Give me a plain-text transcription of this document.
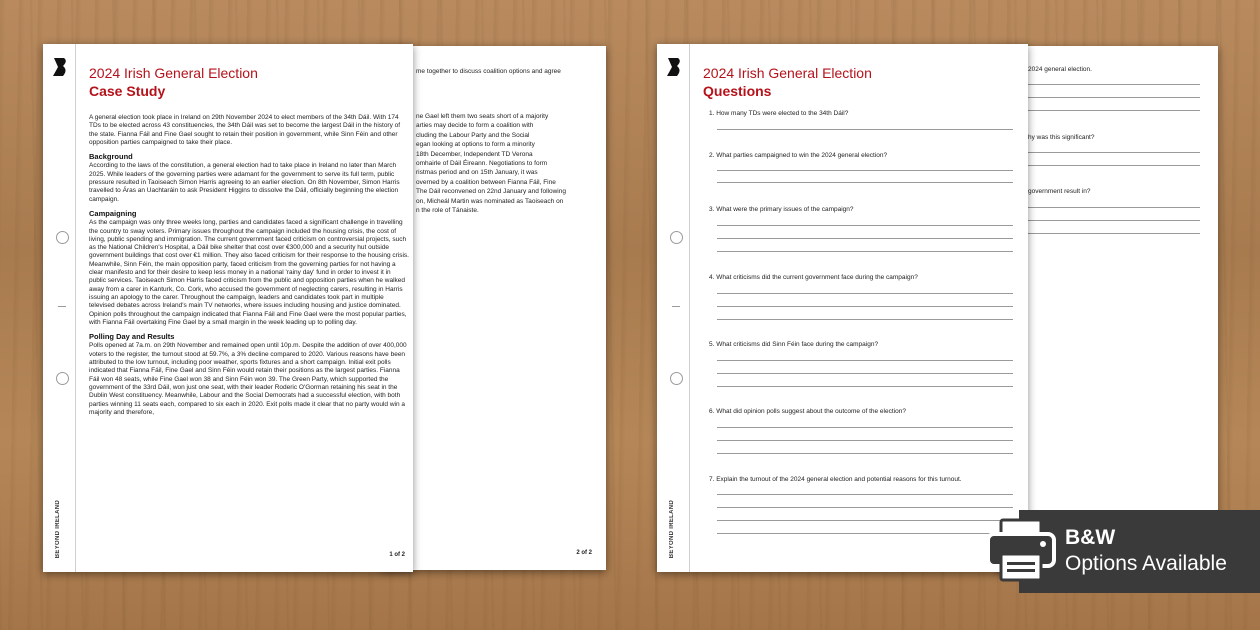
me together to discuss coalition options and agree
ne Gael left them two seats short of a majority
arties may decide to form a coalition with
cluding the Labour Party and the Social
egan looking at options to form a minority
18th December, Independent TD Verona
omhairle of Dáil Éireann. Negotiations to form
ristmas period and on 15th January, it was
overned by a coalition between Fianna Fáil, Fine
The Dáil reconvened on 22nd January and following
on, Micheál Martin was nominated as Taoiseach on
n the role of Tánaiste.
2 of 2
BEYOND IRELAND
2024 Irish General Election
Case Study

A general election took place in Ireland on 29th November 2024 to elect members of the 34th Dáil. With 174 TDs to be elected across 43 constituencies, the 34th Dáil was set to become the largest Dáil in the history of the state. Fianna Fáil and Fine Gael sought to retain their position in government, while Sinn Féin and other opposition parties campaigned to take their place.

Background

According to the laws of the constitution, a general election had to take place in Ireland no later than March 2025. While leaders of the governing parties were adamant for the government to serve its full term, public pressure resulted in Taoiseach Simon Harris agreeing to an earlier election. On 8th November, Simon Harris travelled to Áras an Uachtaráin to ask President Higgins to dissolve the Dáil, officially beginning the election campaign.

Campaigning

As the campaign was only three weeks long, parties and candidates faced a significant challenge in travelling the country to sway voters. Primary issues throughout the campaign included the housing crisis, the cost of living, public spending and immigration. The current government faced criticism on controversial projects, such as the National Children's Hospital, a Dáil bike shelter that cost over €300,000 and a security hut outside government buildings that cost over €1 million. They also faced criticism for their response to the housing crisis. Meanwhile, Sinn Féin, the main opposition party, faced criticism from the governing parties for not having a clear manifesto and for their desire to keep less money in a national 'rainy day' fund in order to invest it in public services. Taoiseach Simon Harris faced criticism from the public and opposition parties when he walked away from a carer in Kanturk, Co. Cork, who accused the government of neglecting carers, resulting in Harris issuing an apology to the carer. Throughout the campaign, leaders and candidates took part in multiple televised debates across Ireland's main TV networks, where issues including housing and justice dominated. Opinion polls throughout the campaign indicated that Fianna Fáil and Fine Gael were the most popular parties, with Fianna Fáil overtaking Fine Gael by a small margin in the week leading up to polling day.

Polling Day and Results

Polls opened at 7a.m. on 29th November and remained open until 10p.m. Despite the addition of over 400,000 voters to the register, the turnout stood at 59.7%, a 3% decline compared to 2020. Various reasons have been attributed to the low turnout, including poor weather, sports fixtures and a short campaign. Initial exit polls indicated that Fianna Fáil, Fine Gael and Sinn Féin would retain their positions as the largest parties. Fianna Fáil won 48 seats, while Fine Gael won 38 and Sinn Féin won 39. The Green Party, which supported the government of the 33rd Dáil, won just one seat, with their leader Roderic O'Gorman retaining his seat in the Dublin West constituency. Meanwhile, Labour and the Social Democrats had a successful election, with both parties winning 11 seats each, compared to six each in 2020. Exit polls made it clear that no party would win a majority and therefore,

1 of 2
2024 general election.
hy was this significant?
government result in?
BEYOND IRELAND
2024 Irish General Election
Questions
1. How many TDs were elected to the 34th Dáil?
2. What parties campaigned to win the 2024 general election?
3. What were the primary issues of the campaign?
4. What criticisms did the current government face during the campaign?
5. What criticisms did Sinn Féin face during the campaign?
6. What did opinion polls suggest about the outcome of the election?
7. Explain the turnout of the 2024 general election and potential reasons for this turnout.
B&W
Options Available
